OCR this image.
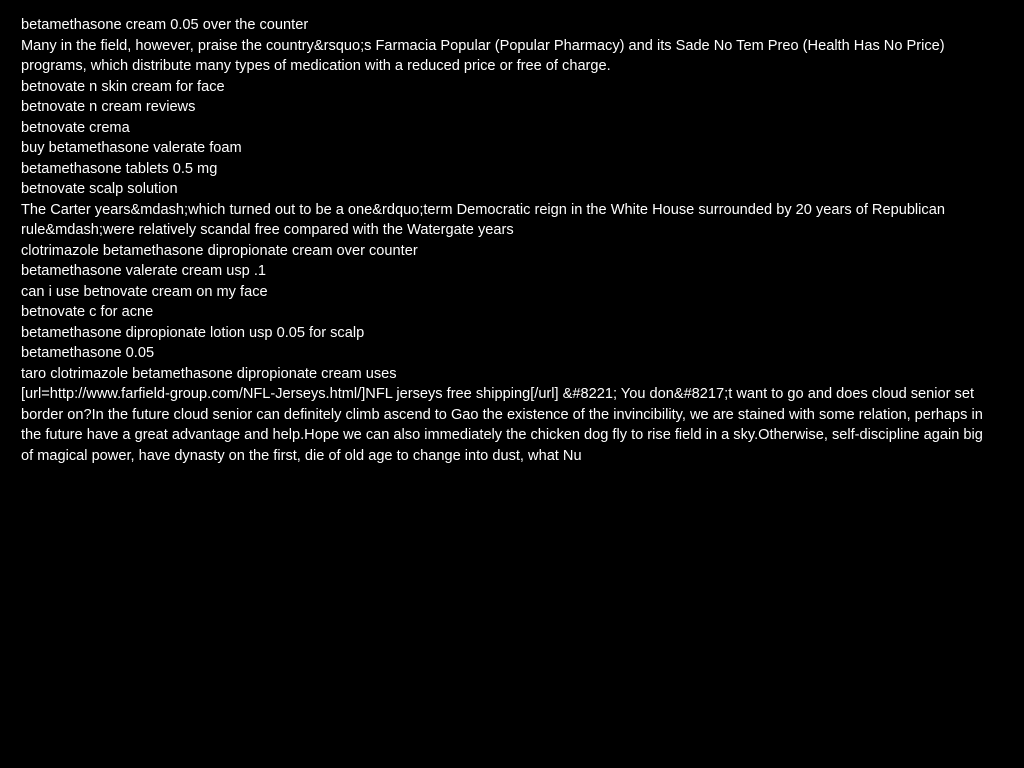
betamethasone cream 0.05 over the counter

Many in the field, however, praise the country&rsquo;s Farmacia Popular (Popular Pharmacy) and its Sade No Tem Preo (Health Has No Price) programs, which distribute many types of medication with a reduced price or free of charge.

betnovate n skin cream for face

betnovate n cream reviews

betnovate crema

buy betamethasone valerate foam

betamethasone tablets 0.5 mg

betnovate scalp solution

The Carter years&mdash;which turned out to be a one&rdquo;term Democratic reign in the White House surrounded by 20 years of Republican rule&mdash;were relatively scandal free compared with the Watergate years

clotrimazole betamethasone dipropionate cream over counter

betamethasone valerate cream usp .1

can i use betnovate cream on my face

betnovate c for acne

betamethasone dipropionate lotion usp 0.05 for scalp

betamethasone 0.05

taro clotrimazole betamethasone dipropionate cream uses

[url=http://www.farfield-group.com/NFL-Jerseys.html/]NFL jerseys free shipping[/url] &#8221; You don&#8217;t want to go and does cloud senior set border on?In the future cloud senior can definitely climb ascend to Gao the existence of the invincibility, we are stained with some relation, perhaps in the future have a great advantage and help.Hope we can also immediately the chicken dog fly to rise field in a sky.Otherwise, self-discipline again big of magical power, have dynasty on the first, die of old age to change into dust, what Nu
